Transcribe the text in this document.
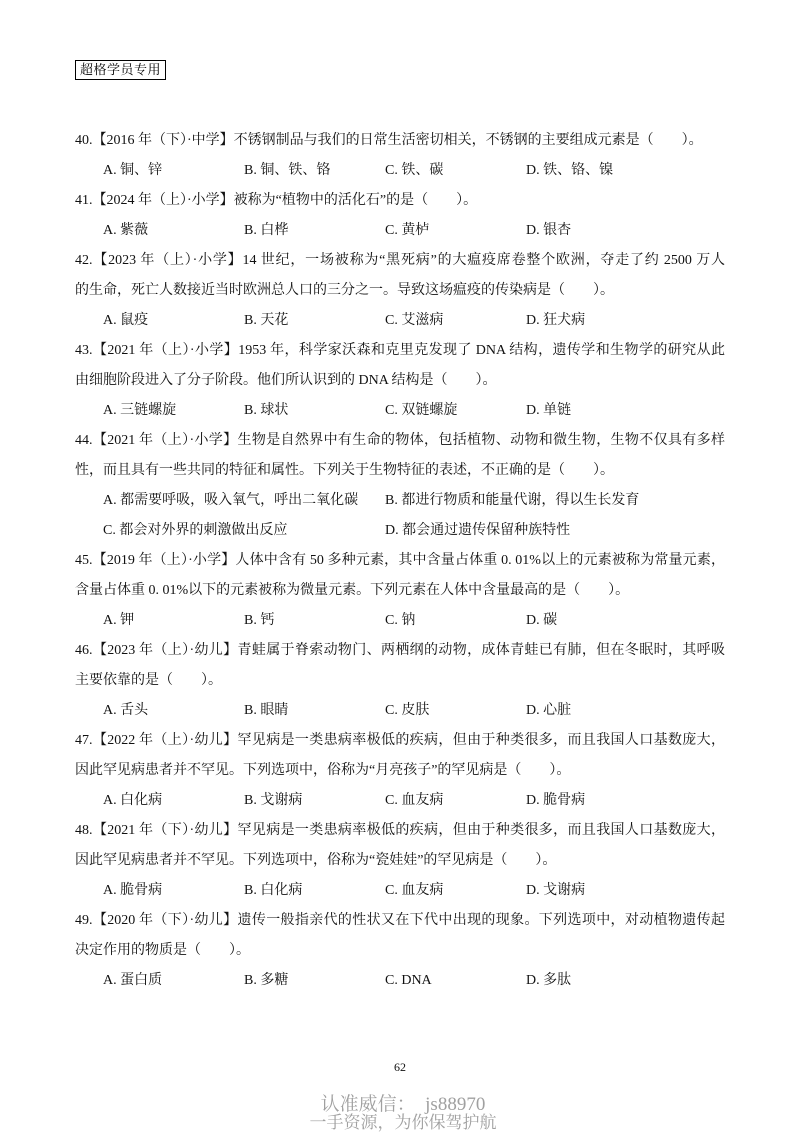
超格学员专用
40.【2016 年（下）·中学】不锈钢制品与我们的日常生活密切相关，不锈钢的主要组成元素是（　　）。
A. 铜、锌	B. 铜、铁、铬	C. 铁、碳	D. 铁、铬、镍
41.【2024 年（上）·小学】被称为“植物中的活化石”的是（　　）。
A. 紫薇	B. 白桦	C. 黄栌	D. 银杏
42.【2023 年（上）·小学】14 世纪，一场被称为“黑死病”的大瘟疫席卷整个欧洲，夺走了约 2500 万人
的生命，死亡人数接近当时欧洲总人口的三分之一。导致这场瘟疫的传染病是（　　）。
A. 鼠疫	B. 天花	C. 艾滋病	D. 狂犬病
43.【2021 年（上）·小学】1953 年，科学家沃森和克里克发现了 DNA 结构，遗传学和生物学的研究从此
由细胞阶段进入了分子阶段。他们所认识到的 DNA 结构是（　　）。
A. 三链螺旋	B. 球状	C. 双链螺旋	D. 单链
44.【2021 年（上）·小学】生物是自然界中有生命的物体，包括植物、动物和微生物，生物不仅具有多样
性，而且具有一些共同的特征和属性。下列关于生物特征的表述，不正确的是（　　）。
A. 都需要呼吸，吸入氧气，呼出二氧化碳	B. 都进行物质和能量代谢，得以生长发育
C. 都会对外界的刺激做出反应	D. 都会通过遗传保留种族特性
45.【2019 年（上）·小学】人体中含有 50 多种元素，其中含量占体重 0. 01%以上的元素被称为常量元素，
含量占体重 0. 01%以下的元素被称为微量元素。下列元素在人体中含量最高的是（　　）。
A. 钾	B. 钙	C. 钠	D. 碳
46.【2023 年（上）·幼儿】青蛙属于脊索动物门、两栖纲的动物，成体青蛙已有肺，但在冬眠时，其呼吸
主要依靠的是（　　）。
A. 舌头	B. 眼睛	C. 皮肤	D. 心脏
47.【2022 年（上）·幼儿】罕见病是一类患病率极低的疾病，但由于种类很多，而且我国人口基数庞大，
因此罕见病患者并不罕见。下列选项中，俗称为“月亮孩子”的罕见病是（　　）。
A. 白化病	B. 戈谢病	C. 血友病	D. 脆骨病
48.【2021 年（下）·幼儿】罕见病是一类患病率极低的疾病，但由于种类很多，而且我国人口基数庞大，
因此罕见病患者并不罕见。下列选项中，俗称为“瓷娃娃”的罕见病是（　　）。
A. 脆骨病	B. 白化病	C. 血友病	D. 戈谢病
49.【2020 年（下）·幼儿】遗传一般指亲代的性状又在下代中出现的现象。下列选项中，对动植物遗传起
决定作用的物质是（　　）。
A. 蛋白质	B. 多糖	C. DNA	D. 多肽
62
认准威信：  js88970
一手资源，为你保驾护航
